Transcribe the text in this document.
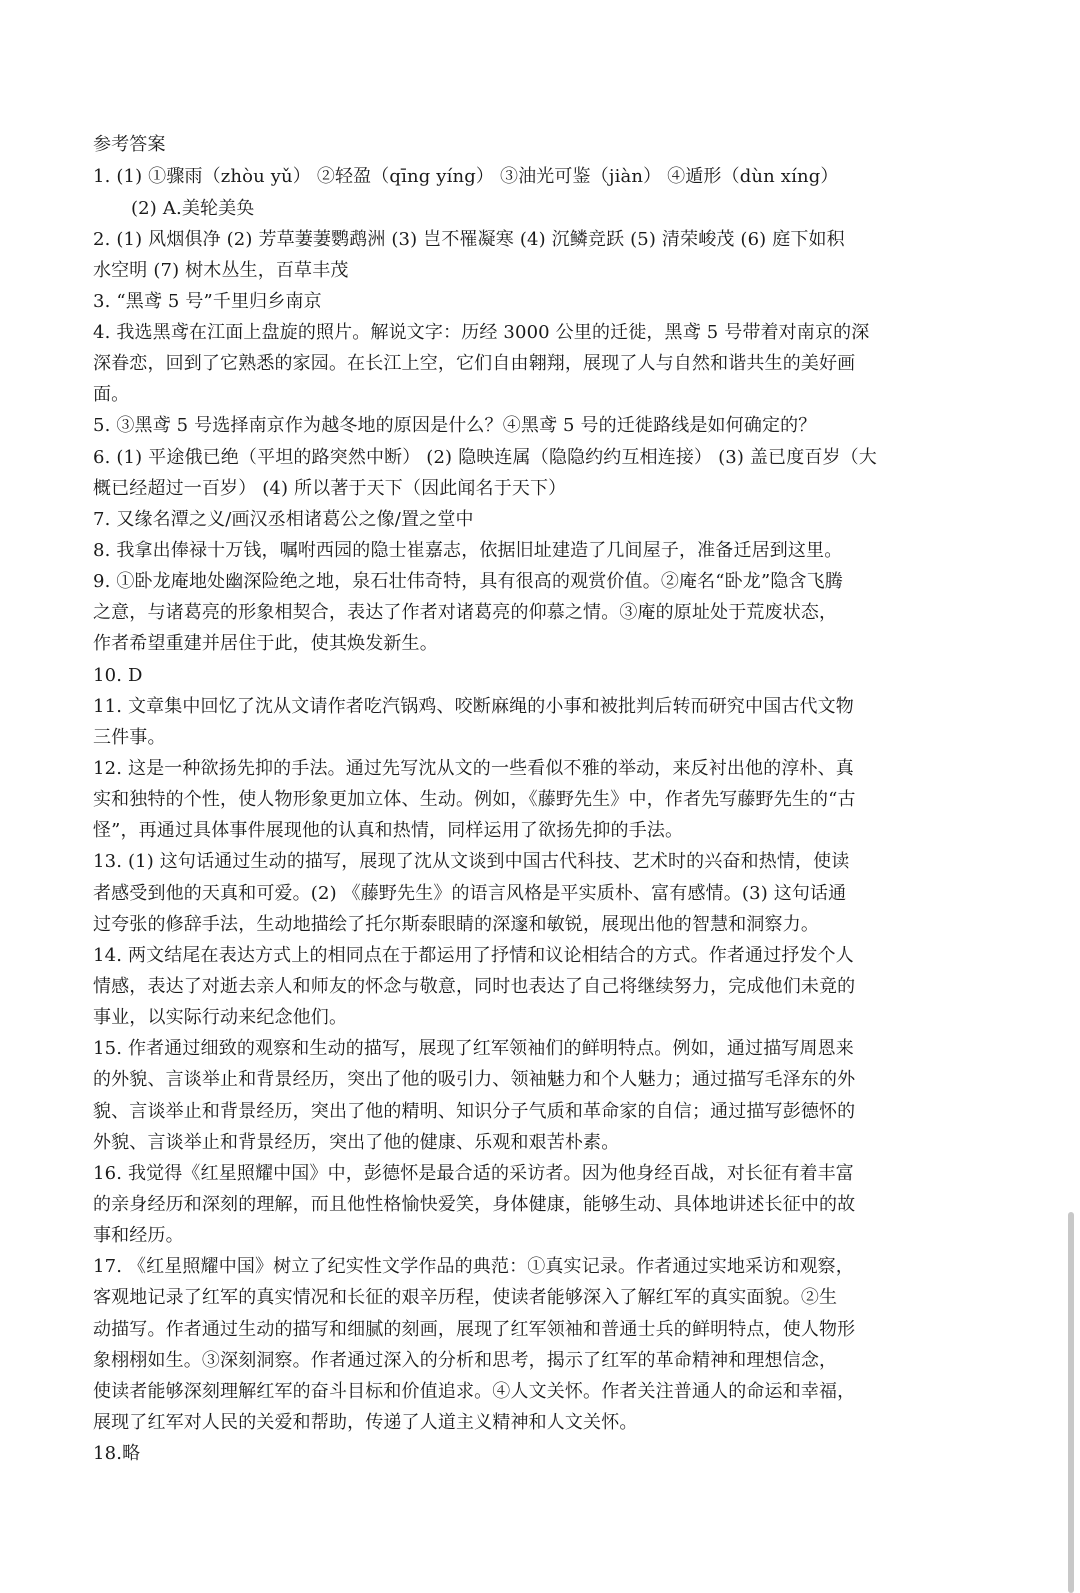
参考答案
1. (1) ①骤雨（zhòu yǔ） ②轻盈（qīng yíng） ③油光可鉴（jiàn） ④遁形（dùn xíng）
(2) A.美轮美奂
2. (1) 风烟俱净 (2) 芳草萋萋鹦鹉洲 (3) 岂不罹凝寒 (4) 沉鳞竞跃 (5) 清荣峻茂 (6) 庭下如积
水空明 (7) 树木丛生，百草丰茂
3. “黑鸢 5 号”千里归乡南京
4. 我选黑鸢在江面上盘旋的照片。解说文字：历经 3000 公里的迁徙，黑鸢 5 号带着对南京的深
深眷恋，回到了它熟悉的家园。在长江上空，它们自由翱翔，展现了人与自然和谐共生的美好画
面。
5. ③黑鸢 5 号选择南京作为越冬地的原因是什么？④黑鸢 5 号的迁徙路线是如何确定的？
6. (1) 平途俄已绝（平坦的路突然中断） (2) 隐映连属（隐隐约约互相连接） (3) 盖已度百岁（大
概已经超过一百岁） (4) 所以著于天下（因此闻名于天下）
7. 又缘名潭之义/画汉丞相诸葛公之像/置之堂中
8. 我拿出俸禄十万钱，嘱咐西园的隐士崔嘉志，依据旧址建造了几间屋子，准备迁居到这里。
9. ①卧龙庵地处幽深险绝之地，泉石壮伟奇特，具有很高的观赏价值。②庵名“卧龙”隐含飞腾
之意，与诸葛亮的形象相契合，表达了作者对诸葛亮的仰慕之情。③庵的原址处于荒废状态，
作者希望重建并居住于此，使其焕发新生。
10. D
11. 文章集中回忆了沈从文请作者吃汽锅鸡、咬断麻绳的小事和被批判后转而研究中国古代文物
三件事。
12. 这是一种欲扬先抑的手法。通过先写沈从文的一些看似不雅的举动，来反衬出他的淳朴、真
实和独特的个性，使人物形象更加立体、生动。例如，《藤野先生》中，作者先写藤野先生的“古
怪”，再通过具体事件展现他的认真和热情，同样运用了欲扬先抑的手法。
13. (1) 这句话通过生动的描写，展现了沈从文谈到中国古代科技、艺术时的兴奋和热情，使读
者感受到他的天真和可爱。(2) 《藤野先生》的语言风格是平实质朴、富有感情。(3) 这句话通
过夸张的修辞手法，生动地描绘了托尔斯泰眼睛的深邃和敏锐，展现出他的智慧和洞察力。
14. 两文结尾在表达方式上的相同点在于都运用了抒情和议论相结合的方式。作者通过抒发个人
情感，表达了对逝去亲人和师友的怀念与敬意，同时也表达了自己将继续努力，完成他们未竟的
事业，以实际行动来纪念他们。
15. 作者通过细致的观察和生动的描写，展现了红军领袖们的鲜明特点。例如，通过描写周恩来
的外貌、言谈举止和背景经历，突出了他的吸引力、领袖魅力和个人魅力；通过描写毛泽东的外
貌、言谈举止和背景经历，突出了他的精明、知识分子气质和革命家的自信；通过描写彭德怀的
外貌、言谈举止和背景经历，突出了他的健康、乐观和艰苦朴素。
16. 我觉得《红星照耀中国》中，彭德怀是最合适的采访者。因为他身经百战，对长征有着丰富
的亲身经历和深刻的理解，而且他性格愉快爱笑，身体健康，能够生动、具体地讲述长征中的故
事和经历。
17. 《红星照耀中国》树立了纪实性文学作品的典范：①真实记录。作者通过实地采访和观察，
客观地记录了红军的真实情况和长征的艰辛历程，使读者能够深入了解红军的真实面貌。②生
动描写。作者通过生动的描写和细腻的刻画，展现了红军领袖和普通士兵的鲜明特点，使人物形
象栩栩如生。③深刻洞察。作者通过深入的分析和思考，揭示了红军的革命精神和理想信念，
使读者能够深刻理解红军的奋斗目标和价值追求。④人文关怀。作者关注普通人的命运和幸福，
展现了红军对人民的关爱和帮助，传递了人道主义精神和人文关怀。
18.略
